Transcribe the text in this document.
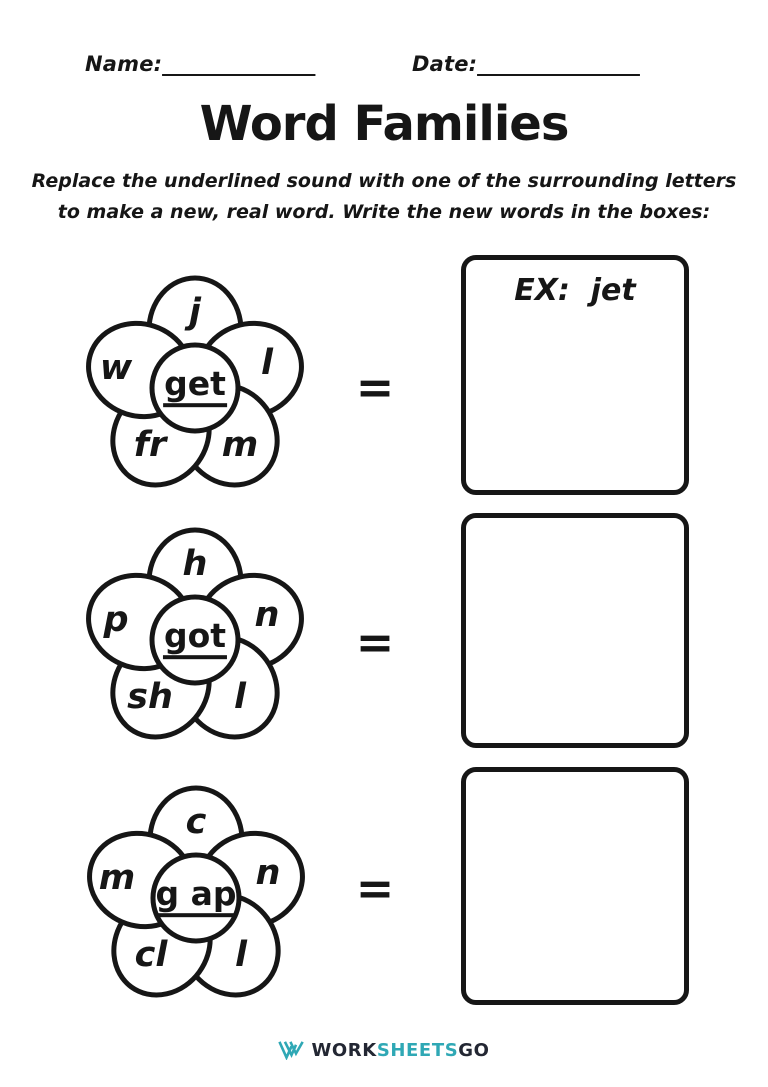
Name: ________________	Date: _________________
Word Families
Replace the underlined sound with one of the surrounding letters
to make a new, real word. Write the new words in the boxes:
j
w	l
fr m
get
h
p	n
sh l
got
c
m	n
cl l
g ap
=
=
=
EX:  jet
WORKSHEETSGO
